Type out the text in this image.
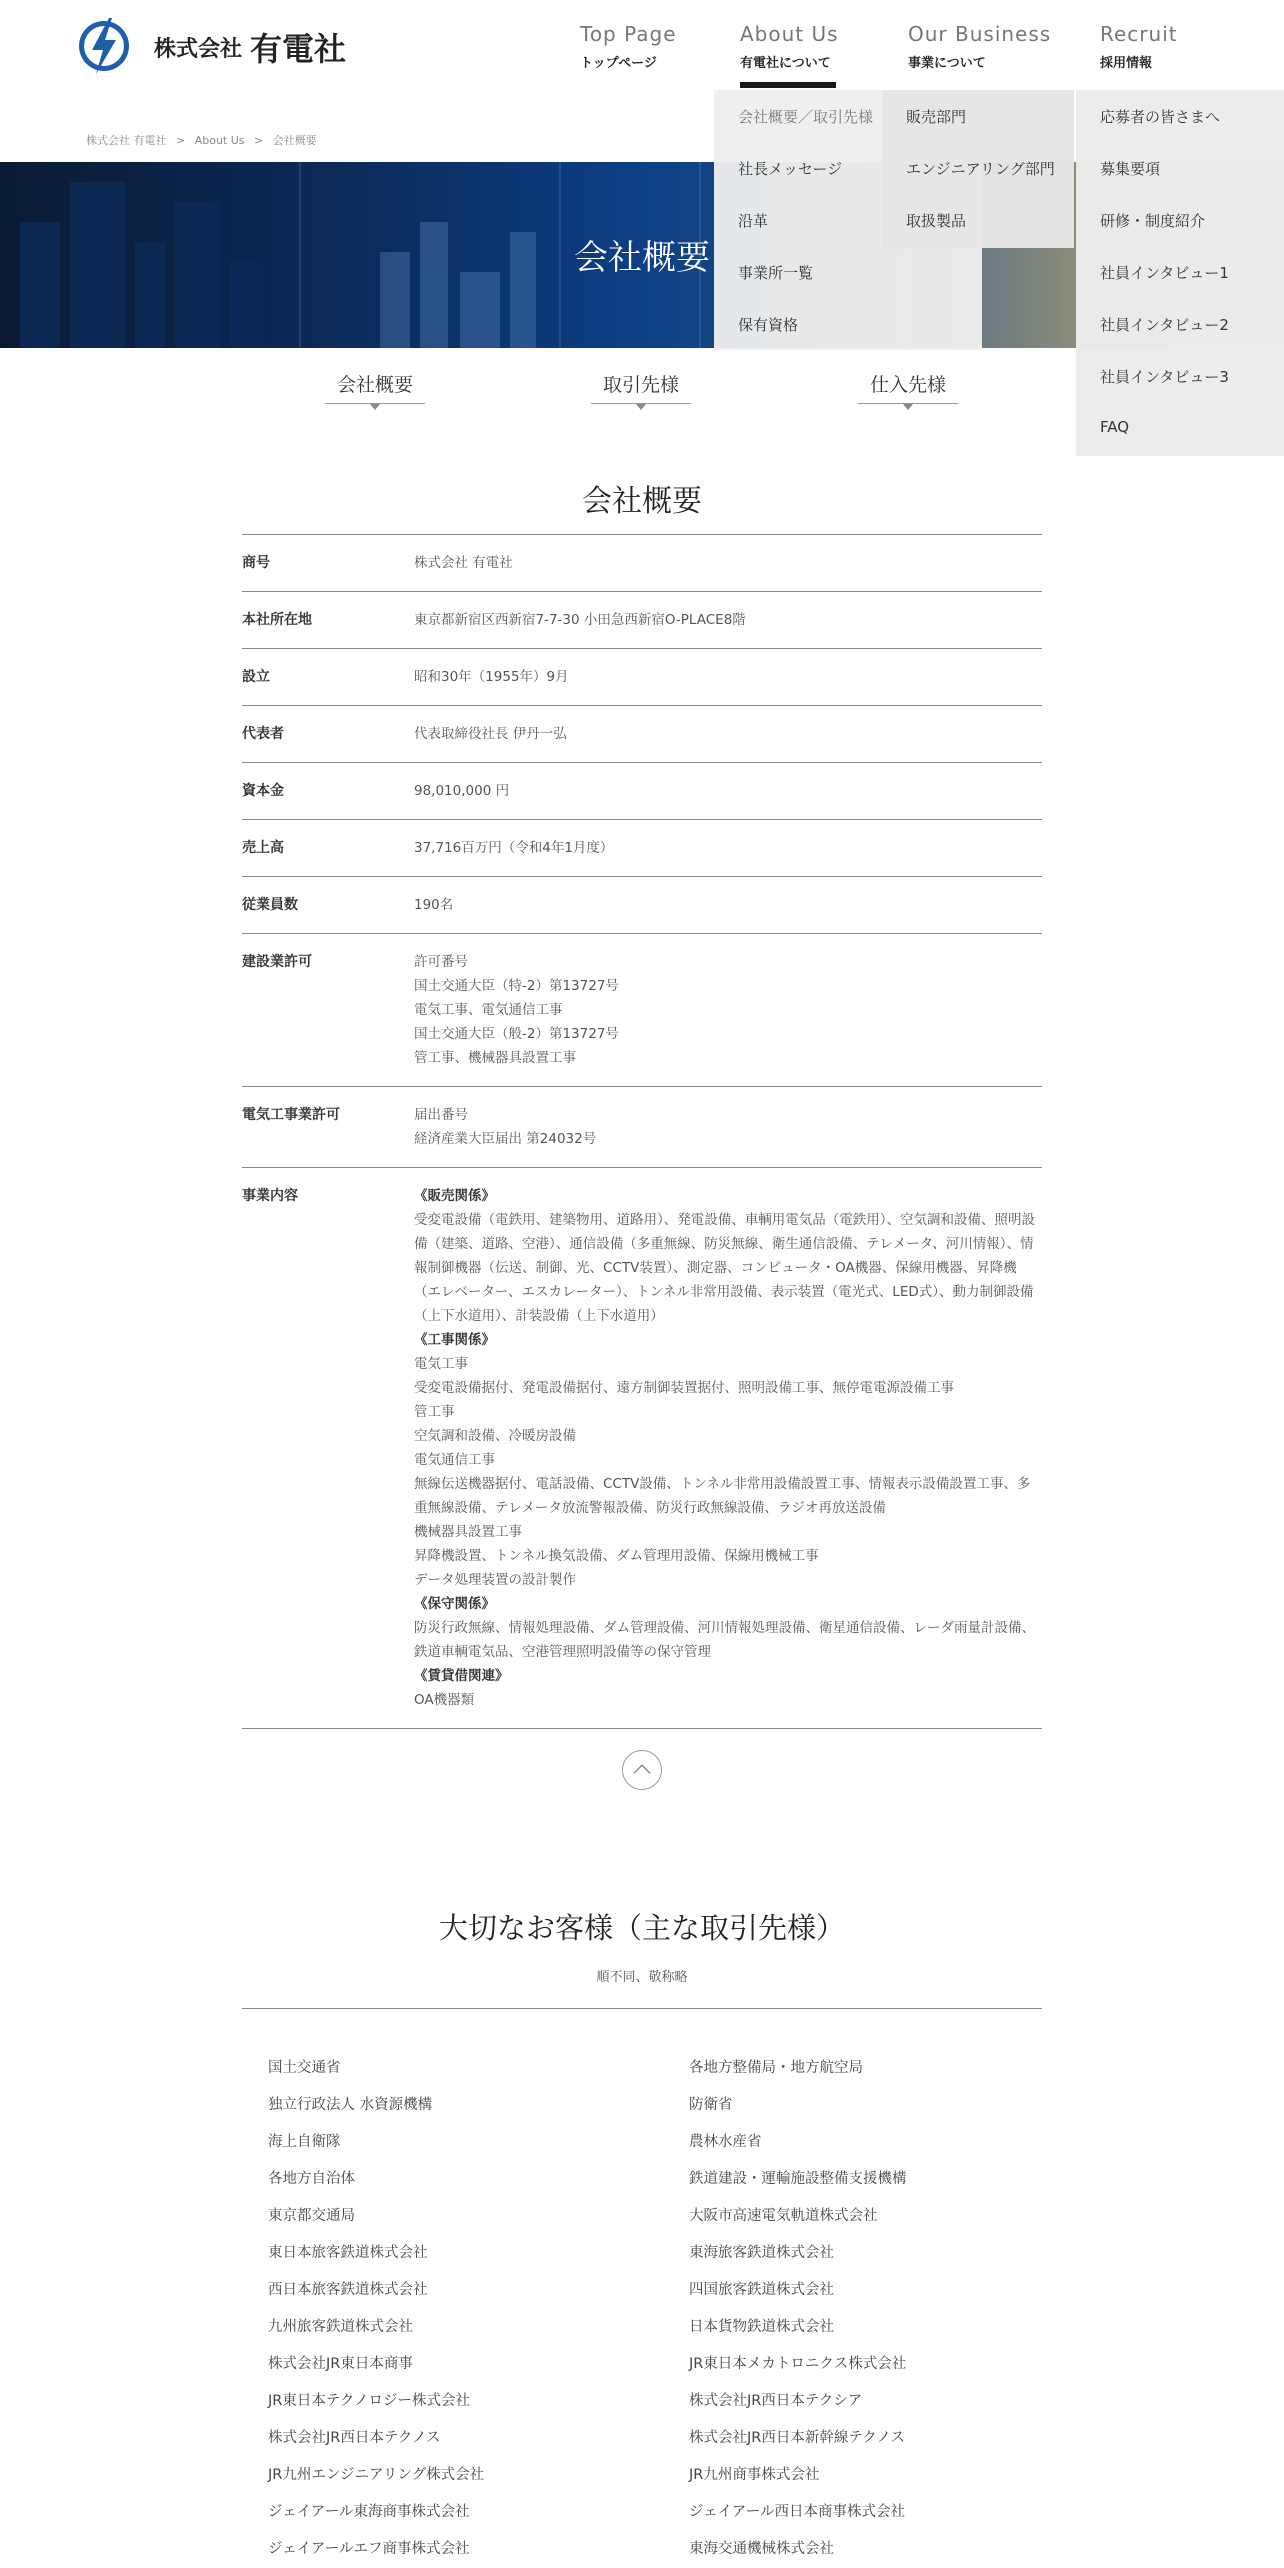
株式会社 有電社	Top Page
トップページ
About Us
有電社について
Our Business
事業について
Recruit
採用情報
株式会社 有電社 > About Us > 会社概要
会社概要
会社概要／取引先様
社長メッセージ
沿革
事業所一覧
保有資格
販売部門
エンジニアリング部門
取扱製品
応募者の皆さまへ
募集要項
研修・制度紹介
社員インタビュー1
社員インタビュー2
社員インタビュー3
FAQ
会社概要	取引先様	仕入先様
会社概要
商号	株式会社 有電社

本社所在地	東京都新宿区西新宿7-7-30 小田急西新宿O-PLACE8階

設立	昭和30年（1955年）9月

代表者	代表取締役社長 伊丹一弘

資本金	98,010,000 円

売上高	37,716百万円（令和4年1月度）

従業員数	190名

建設業許可	許可番号

国土交通大臣（特-2）第13727号

電気工事、電気通信工事

国土交通大臣（般-2）第13727号

管工事、機械器具設置工事

電気工事業許可	届出番号

経済産業大臣届出 第24032号

事業内容	《販売関係》

受変電設備（電鉄用、建築物用、道路用）、発電設備、車輌用電気品（電鉄用）、空気調和設備、照明設備（建築、道路、空港）、通信設備（多重無線、防災無線、衛生通信設備、テレメータ、河川情報）、情報制御機器（伝送、制御、光、CCTV装置）、測定器、コンピュータ・OA機器、保線用機器、昇降機（エレベーター、エスカレーター）、トンネル非常用設備、表示装置（電光式、LED式）、動力制御設備（上下水道用）、計装設備（上下水道用）

《工事関係》

電気工事

受変電設備据付、発電設備据付、遠方制御装置据付、照明設備工事、無停電電源設備工事

管工事

空気調和設備、冷暖房設備

電気通信工事

無線伝送機器据付、電話設備、CCTV設備、トンネル非常用設備設置工事、情報表示設備設置工事、多重無線設備、テレメータ放流警報設備、防災行政無線設備、ラジオ再放送設備

機械器具設置工事

昇降機設置、トンネル換気設備、ダム管理用設備、保線用機械工事

データ処理装置の設計製作

《保守関係》

防災行政無線、情報処理設備、ダム管理設備、河川情報処理設備、衛星通信設備、レーダ雨量計設備、鉄道車輌電気品、空港管理照明設備等の保守管理

《賃貸借関連》

OA機器類

大切なお客様（主な取引先様）
順不同、敬称略
国土交通省
独立行政法人 水資源機構
海上自衛隊
各地方自治体
東京都交通局
東日本旅客鉄道株式会社
西日本旅客鉄道株式会社
九州旅客鉄道株式会社
株式会社JR東日本商事
JR東日本テクノロジー株式会社
株式会社JR西日本テクノス
JR九州エンジニアリング株式会社
ジェイアール東海商事株式会社
ジェイアールエフ商事株式会社
各地方整備局・地方航空局
防衛省
農林水産省
鉄道建設・運輸施設整備支援機構
大阪市高速電気軌道株式会社
東海旅客鉄道株式会社
四国旅客鉄道株式会社
日本貨物鉄道株式会社
JR東日本メカトロニクス株式会社
株式会社JR西日本テクシア
株式会社JR西日本新幹線テクノス
JR九州商事株式会社
ジェイアール西日本商事株式会社
東海交通機械株式会社
